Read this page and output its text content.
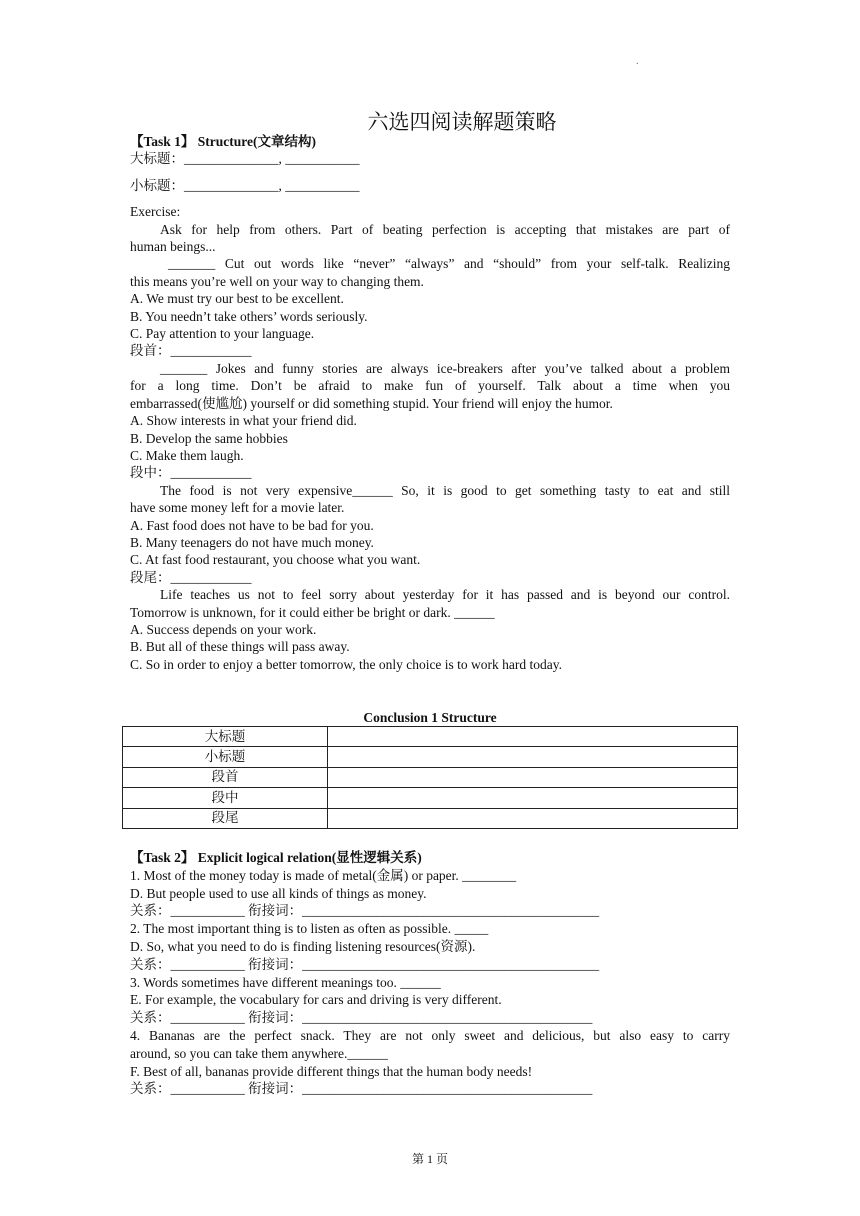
.
六选四阅读解题策略
【Task 1】 Structure(文章结构)
大标题：______________, ___________
小标题：______________, ___________
Exercise:
Ask for help from others. Part of beating perfection is accepting that mistakes are part of
human beings...
_______ Cut out words like “never” “always” and “should” from your self-talk. Realizing
this means you’re well on your way to changing them.
A. We must try our best to be excellent.
B. You needn’t take others’ words seriously.
C. Pay attention to your language.
段首：____________
_______ Jokes and funny stories are always ice-breakers after you’ve talked about a problem
for a long time. Don’t be afraid to make fun of yourself. Talk about a time when you
embarrassed(使尴尬) yourself or did something stupid. Your friend will enjoy the humor.
A. Show interests in what your friend did.
B. Develop the same hobbies
C. Make them laugh.
段中：____________
The food is not very expensive______ So, it is good to get something tasty to eat and still
have some money left for a movie later.
A. Fast food does not have to be bad for you.
B. Many teenagers do not have much money.
C. At fast food restaurant, you choose what you want.
段尾：____________
Life teaches us not to feel sorry about yesterday for it has passed and is beyond our control.
Tomorrow is unknown, for it could either be bright or dark. ______
A. Success depends on your work.
B. But all of these things will pass away.
C. So in order to enjoy a better tomorrow, the only choice is to work hard today.
Conclusion 1 Structure
大标题	
小标题	
段首	
段中	
段尾	
【Task 2】 Explicit logical relation(显性逻辑关系)
1. Most of the money today is made of metal(金属) or paper. ________
D. But people used to use all kinds of things as money.
关系：___________ 衔接词：____________________________________________
2. The most important thing is to listen as often as possible. _____
D. So, what you need to do is finding listening resources(资源).
关系：___________ 衔接词：____________________________________________
3. Words sometimes have different meanings too. ______
E. For example, the vocabulary for cars and driving is very different.
关系：___________ 衔接词：___________________________________________
4. Bananas are the perfect snack. They are not only sweet and delicious, but also easy to carry
around, so you can take them anywhere.______
F. Best of all, bananas provide different things that the human body needs!
关系：___________ 衔接词：___________________________________________
第 1 页
